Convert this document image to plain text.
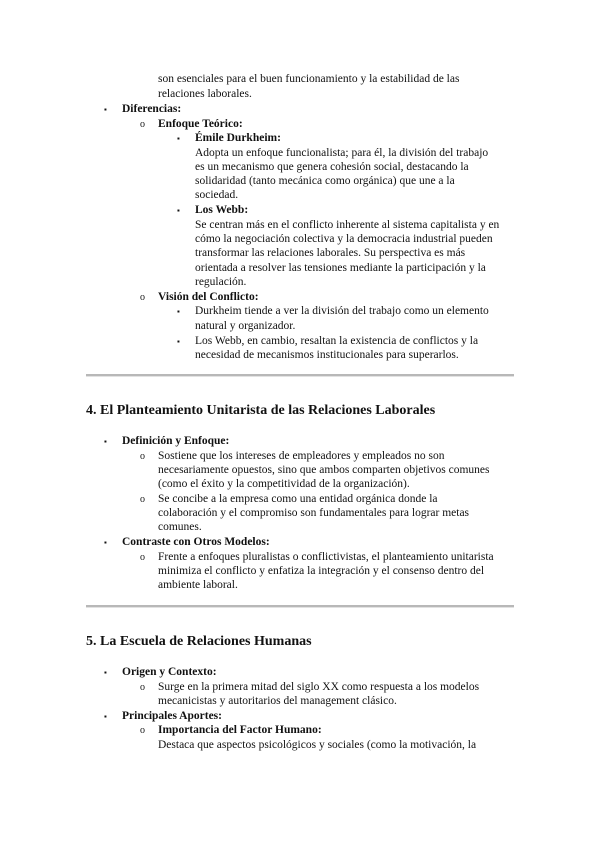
son esenciales para el buen funcionamiento y la estabilidad de las
relaciones laborales.
▪ Diferencias:
o Enfoque Teórico:
▪ Émile Durkheim:
Adopta un enfoque funcionalista; para él, la división del trabajo
es un mecanismo que genera cohesión social, destacando la
solidaridad (tanto mecánica como orgánica) que une a la
sociedad.
▪ Los Webb:
Se centran más en el conflicto inherente al sistema capitalista y en
cómo la negociación colectiva y la democracia industrial pueden
transformar las relaciones laborales. Su perspectiva es más
orientada a resolver las tensiones mediante la participación y la
regulación.
o Visión del Conflicto:
▪ Durkheim tiende a ver la división del trabajo como un elemento
natural y organizador.
▪ Los Webb, en cambio, resaltan la existencia de conflictos y la
necesidad de mecanismos institucionales para superarlos.
4. El Planteamiento Unitarista de las Relaciones Laborales
▪ Definición y Enfoque:
o Sostiene que los intereses de empleadores y empleados no son
necesariamente opuestos, sino que ambos comparten objetivos comunes
(como el éxito y la competitividad de la organización).
o Se concibe a la empresa como una entidad orgánica donde la
colaboración y el compromiso son fundamentales para lograr metas
comunes.
▪ Contraste con Otros Modelos:
o Frente a enfoques pluralistas o conflictivistas, el planteamiento unitarista
minimiza el conflicto y enfatiza la integración y el consenso dentro del
ambiente laboral.
5. La Escuela de Relaciones Humanas
▪ Origen y Contexto:
o Surge en la primera mitad del siglo XX como respuesta a los modelos
mecanicistas y autoritarios del management clásico.
▪ Principales Aportes:
o Importancia del Factor Humano:
Destaca que aspectos psicológicos y sociales (como la motivación, la
